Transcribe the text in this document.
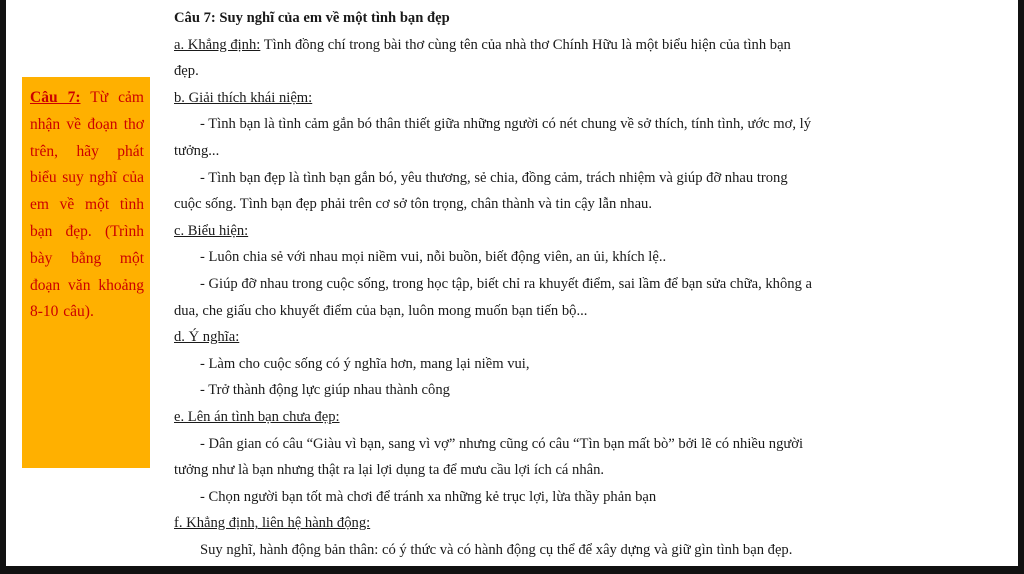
Câu 7: Từ cảm nhận về đoạn thơ trên, hãy phát biểu suy nghĩ của em về một tình bạn đẹp. (Trình bày bằng một đoạn văn khoảng 8-10 câu).

Câu 7: Suy nghĩ của em về một tình bạn đẹp

a. Khẳng định: Tình đồng chí trong bài thơ cùng tên của nhà thơ Chính Hữu là một biểu hiện của tình bạn

đẹp.

b. Giải thích khái niệm:

- Tình bạn là tình cảm gắn bó thân thiết giữa những người có nét chung về sở thích, tính tình, ước mơ, lý

tưởng...

- Tình bạn đẹp là tình bạn gắn bó, yêu thương, sẻ chia, đồng cảm, trách nhiệm và giúp đỡ nhau trong

cuộc sống. Tình bạn đẹp phải trên cơ sở tôn trọng, chân thành và tin cậy lẫn nhau.

c. Biểu hiện:

- Luôn chia sẻ với nhau mọi niềm vui, nỗi buồn, biết động viên, an ủi, khích lệ..

- Giúp đỡ nhau trong cuộc sống, trong học tập, biết chỉ ra khuyết điểm, sai lầm để bạn sửa chữa, không a

dua, che giấu cho khuyết điểm của bạn, luôn mong muốn bạn tiến bộ...

d. Ý nghĩa:

- Làm cho cuộc sống có ý nghĩa hơn, mang lại niềm vui,

- Trở thành động lực giúp nhau thành công

e. Lên án tình bạn chưa đẹp:

- Dân gian có câu “Giàu vì bạn, sang vì vợ” nhưng cũng có câu “Tìn bạn mất bò” bởi lẽ có nhiều người

tưởng như là bạn nhưng thật ra lại lợi dụng ta để mưu cầu lợi ích cá nhân.

- Chọn người bạn tốt mà chơi để tránh xa những kẻ trục lợi, lừa thầy phản bạn

f. Khẳng định, liên hệ hành động:

Suy nghĩ, hành động bản thân: có ý thức và có hành động cụ thể để xây dựng và giữ gìn tình bạn đẹp.
